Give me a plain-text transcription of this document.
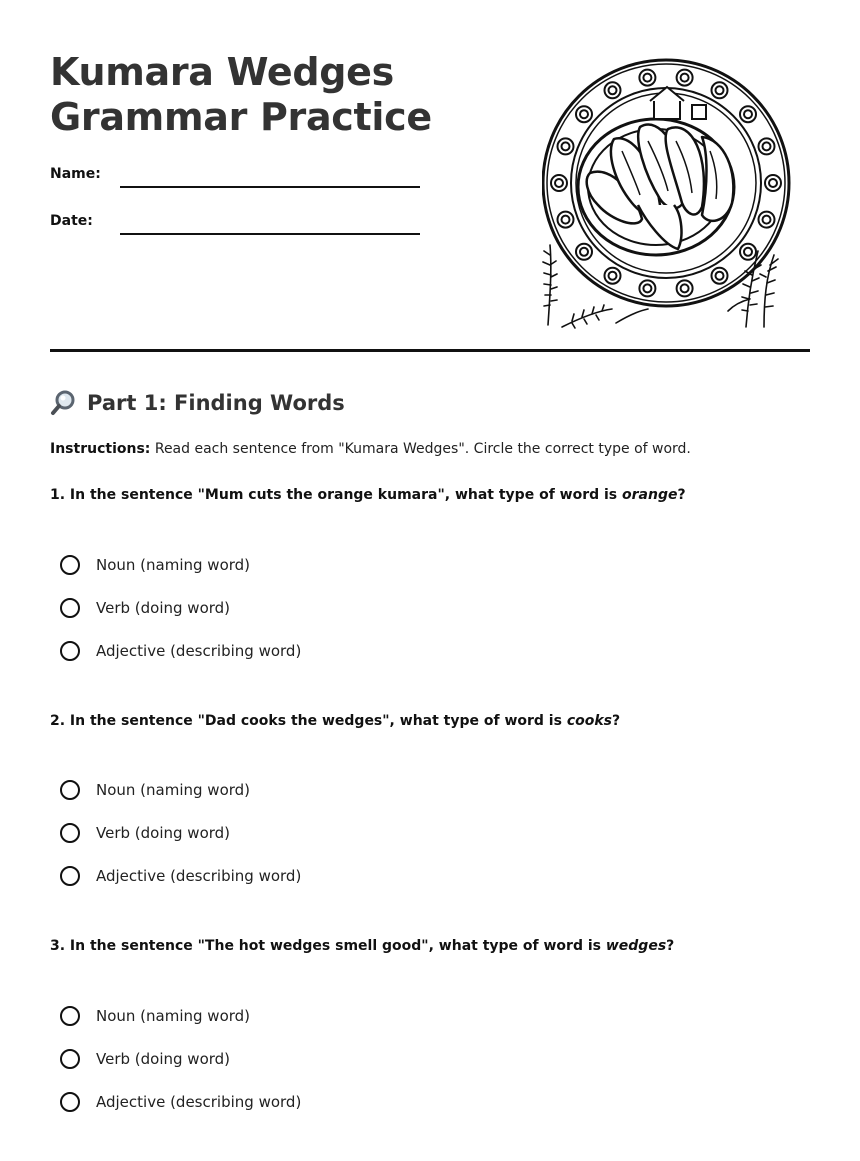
Kumara Wedges
Grammar Practice
Name:
Date:
Part 1: Finding Words
Instructions: Read each sentence from "Kumara Wedges". Circle the correct type of word.
1. In the sentence "Mum cuts the orange kumara", what type of word is orange?
Noun (naming word)
Verb (doing word)
Adjective (describing word)
2. In the sentence "Dad cooks the wedges", what type of word is cooks?
Noun (naming word)
Verb (doing word)
Adjective (describing word)
3. In the sentence "The hot wedges smell good", what type of word is wedges?
Noun (naming word)
Verb (doing word)
Adjective (describing word)
